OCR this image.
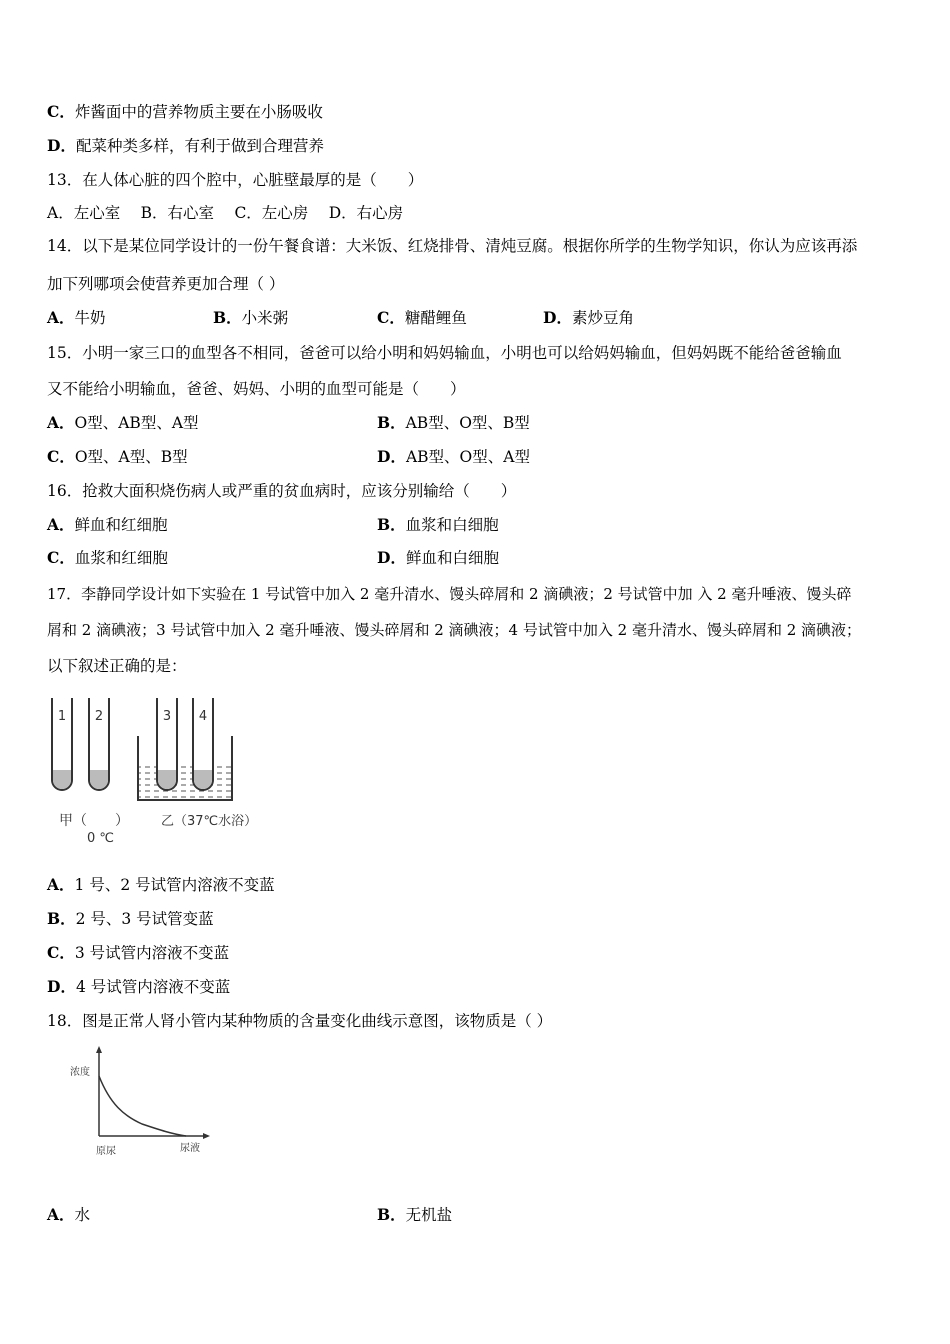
C．炸酱面中的营养物质主要在小肠吸收
D．配菜种类多样，有利于做到合理营养
13．在人体心脏的四个腔中，心脏壁最厚的是（　　）
A．左心室　 B．右心室　 C．左心房　 D．右心房
14．以下是某位同学设计的一份午餐食谱：大米饭、红烧排骨、清炖豆腐。根据你所学的生物学知识，你认为应该再添
加下列哪项会使营养更加合理（ ）
A．牛奶	B．小米粥	C．糖醋鲤鱼	D．素炒豆角
15．小明一家三口的血型各不相同，爸爸可以给小明和妈妈输血，小明也可以给妈妈输血，但妈妈既不能给爸爸输血
又不能给小明输血，爸爸、妈妈、小明的血型可能是（　　）
A．O型、AB型、A型	B．AB型、O型、B型
C．O型、A型、B型	D．AB型、O型、A型
16．抢救大面积烧伤病人或严重的贫血病时，应该分别输给（　　）
A．鲜血和红细胞	B．血浆和白细胞
C．血浆和红细胞	D．鲜血和白细胞
17．李静同学设计如下实验在 1 号试管中加入 2 毫升清水、馒头碎屑和 2 滴碘液；2 号试管中加 入 2 毫升唾液、馒头碎
屑和 2 滴碘液；3 号试管中加入 2 毫升唾液、馒头碎屑和 2 滴碘液；4 号试管中加入 2 毫升清水、馒头碎屑和 2 滴碘液；
以下叙述正确的是：
1 2	3 4
甲（　　）
0 ℃
乙（37℃水浴）
A．1 号、2 号试管内溶液不变蓝
B．2 号、3 号试管变蓝
C．3 号试管内溶液不变蓝
D．4 号试管内溶液不变蓝
18．图是正常人肾小管内某种物质的含量变化曲线示意图，该物质是（ ）
浓度
原尿	尿液
A．水	B．无机盐
